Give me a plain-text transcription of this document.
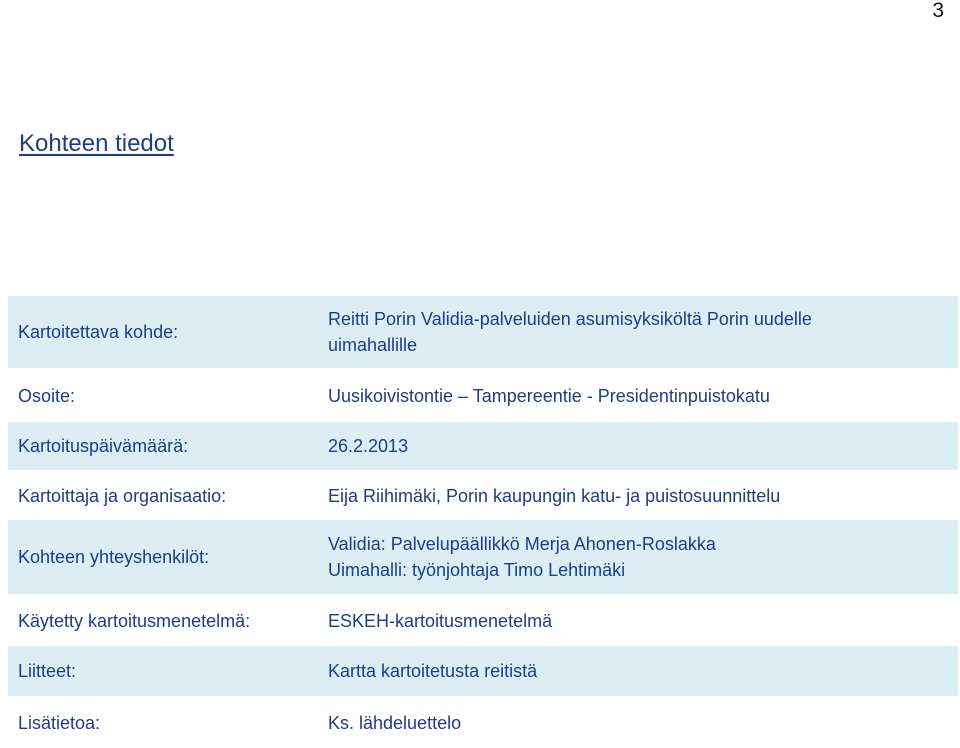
3
Kohteen tiedot
Kartoitettava kohde:	Reitti Porin Validia-palveluiden asumisyksiköltä Porin uudelle
uimahallille

Osoite:	Uusikoivistontie – Tampereentie - Presidentinpuistokatu
Kartoituspäivämäärä:	26.2.2013

Kartoittaja ja organisaatio:	Eija Riihimäki, Porin kaupungin katu- ja puistosuunnittelu
Kohteen yhteyshenkilöt:	Validia: Palvelupäällikkö Merja Ahonen-Roslakka
Uimahalli: työnjohtaja Timo Lehtimäki

Käytetty kartoitusmenetelmä:	ESKEH-kartoitusmenetelmä
Liitteet:	Kartta kartoitetusta reitistä

Lisätietoa:	Ks. lähdeluettelo
